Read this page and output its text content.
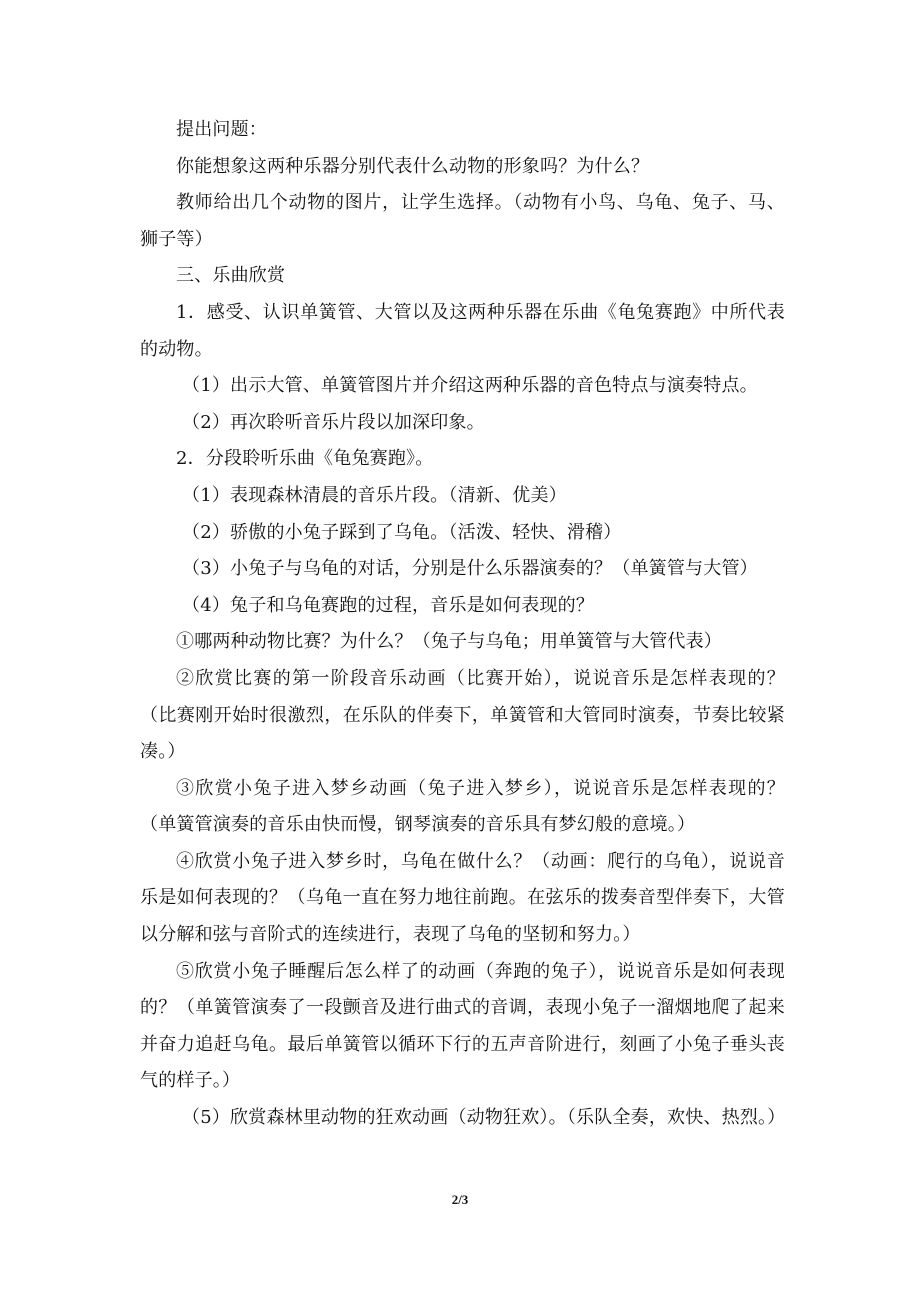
提出问题：

你能想象这两种乐器分别代表什么动物的形象吗？为什么？

教师给出几个动物的图片，让学生选择。（动物有小鸟、乌龟、兔子、马、狮子等）

三、乐曲欣赏

1．感受、认识单簧管、大管以及这两种乐器在乐曲《龟兔赛跑》中所代表的动物。

（1）出示大管、单簧管图片并介绍这两种乐器的音色特点与演奏特点。

（2）再次聆听音乐片段以加深印象。

2．分段聆听乐曲《龟兔赛跑》。

（1）表现森林清晨的音乐片段。（清新、优美）

（2）骄傲的小兔子踩到了乌龟。（活泼、轻快、滑稽）

（3）小兔子与乌龟的对话，分别是什么乐器演奏的？（单簧管与大管）

（4）兔子和乌龟赛跑的过程，音乐是如何表现的？

①哪两种动物比赛？为什么？（兔子与乌龟；用单簧管与大管代表）

②欣赏比赛的第一阶段音乐动画（比赛开始），说说音乐是怎样表现的？（比赛刚开始时很激烈，在乐队的伴奏下，单簧管和大管同时演奏，节奏比较紧凑。）

③欣赏小兔子进入梦乡动画（兔子进入梦乡），说说音乐是怎样表现的？（单簧管演奏的音乐由快而慢，钢琴演奏的音乐具有梦幻般的意境。）

④欣赏小兔子进入梦乡时，乌龟在做什么？（动画：爬行的乌龟），说说音乐是如何表现的？（乌龟一直在努力地往前跑。在弦乐的拨奏音型伴奏下，大管以分解和弦与音阶式的连续进行，表现了乌龟的坚韧和努力。）

⑤欣赏小兔子睡醒后怎么样了的动画（奔跑的兔子），说说音乐是如何表现的？（单簧管演奏了一段颤音及进行曲式的音调，表现小兔子一溜烟地爬了起来并奋力追赶乌龟。最后单簧管以循环下行的五声音阶进行，刻画了小兔子垂头丧气的样子。）

（5）欣赏森林里动物的狂欢动画（动物狂欢）。（乐队全奏，欢快、热烈。）

2/3
